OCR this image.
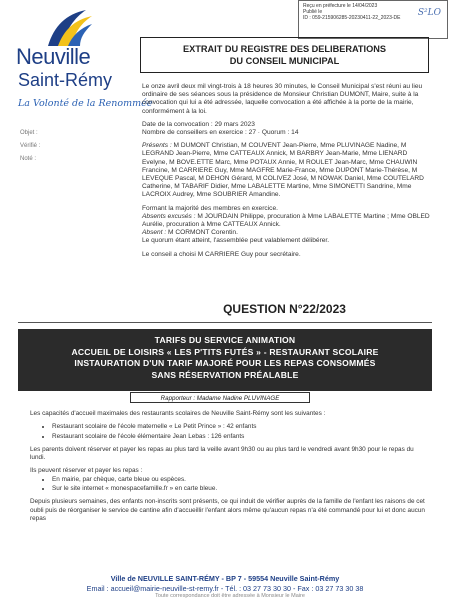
Reçu en préfecture le 14/04/2023
Publié le
ID : 059-215906285-20230411-22_2023-DE
S²LO
Neuville
Saint-Rémy
La Volonté de la Renommée
Objet :
Vérifié :
Noté :
EXTRAIT DU REGISTRE DES DELIBERATIONS
DU CONSEIL MUNICIPAL

Le onze avril deux mil vingt-trois à 18 heures 30 minutes, le Conseil Municipal s'est réuni au lieu ordinaire de ses séances sous la présidence de Monsieur Christian DUMONT, Maire, suite à la convocation qui lui a été adressée, laquelle convocation a été affichée à la porte de la mairie, conformément à la loi.

Date de la convocation : 29 mars 2023

Nombre de conseillers en exercice : 27 · Quorum : 14

Présents : M DUMONT Christian, M COUVENT Jean-Pierre, Mme PLUVINAGE Nadine, M LEGRAND Jean-Pierre, Mme CATTEAUX Annick, M BARBRY Jean-Marie, Mme LIENARD Evelyne, M BOVE.ETTE Marc, Mme POTAUX Annie, M ROULET Jean-Marc, Mme CHAUWIN Francine, M CARRIERE Guy, Mme MAGFRE Marie-France, Mme DUPONT Marie-Thérèse, M LEVEQUE Pascal, M DEHON Gérard, M COLIVEZ José, M NOWAK Daniel, Mme COUTELARD Catherine, M TABARIF Didier, Mme LABALETTE Martine, Mme SIMONETTI Sandrine, Mme LACROIX Audrey, Mme SOUBRIER Amandine.

Formant la majorité des membres en exercice.
Absents excusés : M JOURDAIN Philippe, procuration à Mme LABALETTE Martine ; Mme OBLED Aurélie, procuration à Mme CATTEAUX Annick.
Absent : M CORMONT Corentin.

Le quorum étant atteint, l'assemblée peut valablement délibérer.

Le conseil a choisi M CARRIERE Guy pour secrétaire.

QUESTION N°22/2023
TARIFS DU SERVICE ANIMATION
ACCUEIL DE LOISIRS « LES P'TITS FUTÉS » - RESTAURANT SCOLAIRE
INSTAURATION D'UN TARIF MAJORÉ POUR LES REPAS CONSOMMÉS
SANS RÉSERVATION PRÉALABLE
Rapporteur : Madame Nadine PLUVINAGE

Les capacités d'accueil maximales des restaurants scolaires de Neuville Saint-Rémy sont les suivantes :

• Restaurant scolaire de l'école maternelle « Le Petit Prince » : 42 enfants
• Restaurant scolaire de l'école élémentaire Jean Lebas : 126 enfants

Les parents doivent réserver et payer les repas au plus tard la veille avant 9h30 ou au plus tard le vendredi avant 9h30 pour le repas du lundi.

Ils peuvent réserver et payer les repas :
• En mairie, par chèque, carte bleue ou espèces.
• Sur le site internet « monespacefamille.fr » en carte bleue.

Depuis plusieurs semaines, des enfants non-inscrits sont présents, ce qui induit de vérifier auprès de la famille de l'enfant les raisons de cet oubli puis de réorganiser le service de cantine afin d'accueillir l'enfant alors même qu'aucun repas n'a été commandé pour lui et donc aucun repas

Ville de NEUVILLE SAINT-RÉMY - BP 7 - 59554 Neuville Saint-Rémy
Email : accueil@mairie-neuville-st-remy.fr - Tél. : 03 27 73 30 30 - Fax : 03 27 73 30 38
Toute correspondance doit être adressée à Monsieur le Maire
